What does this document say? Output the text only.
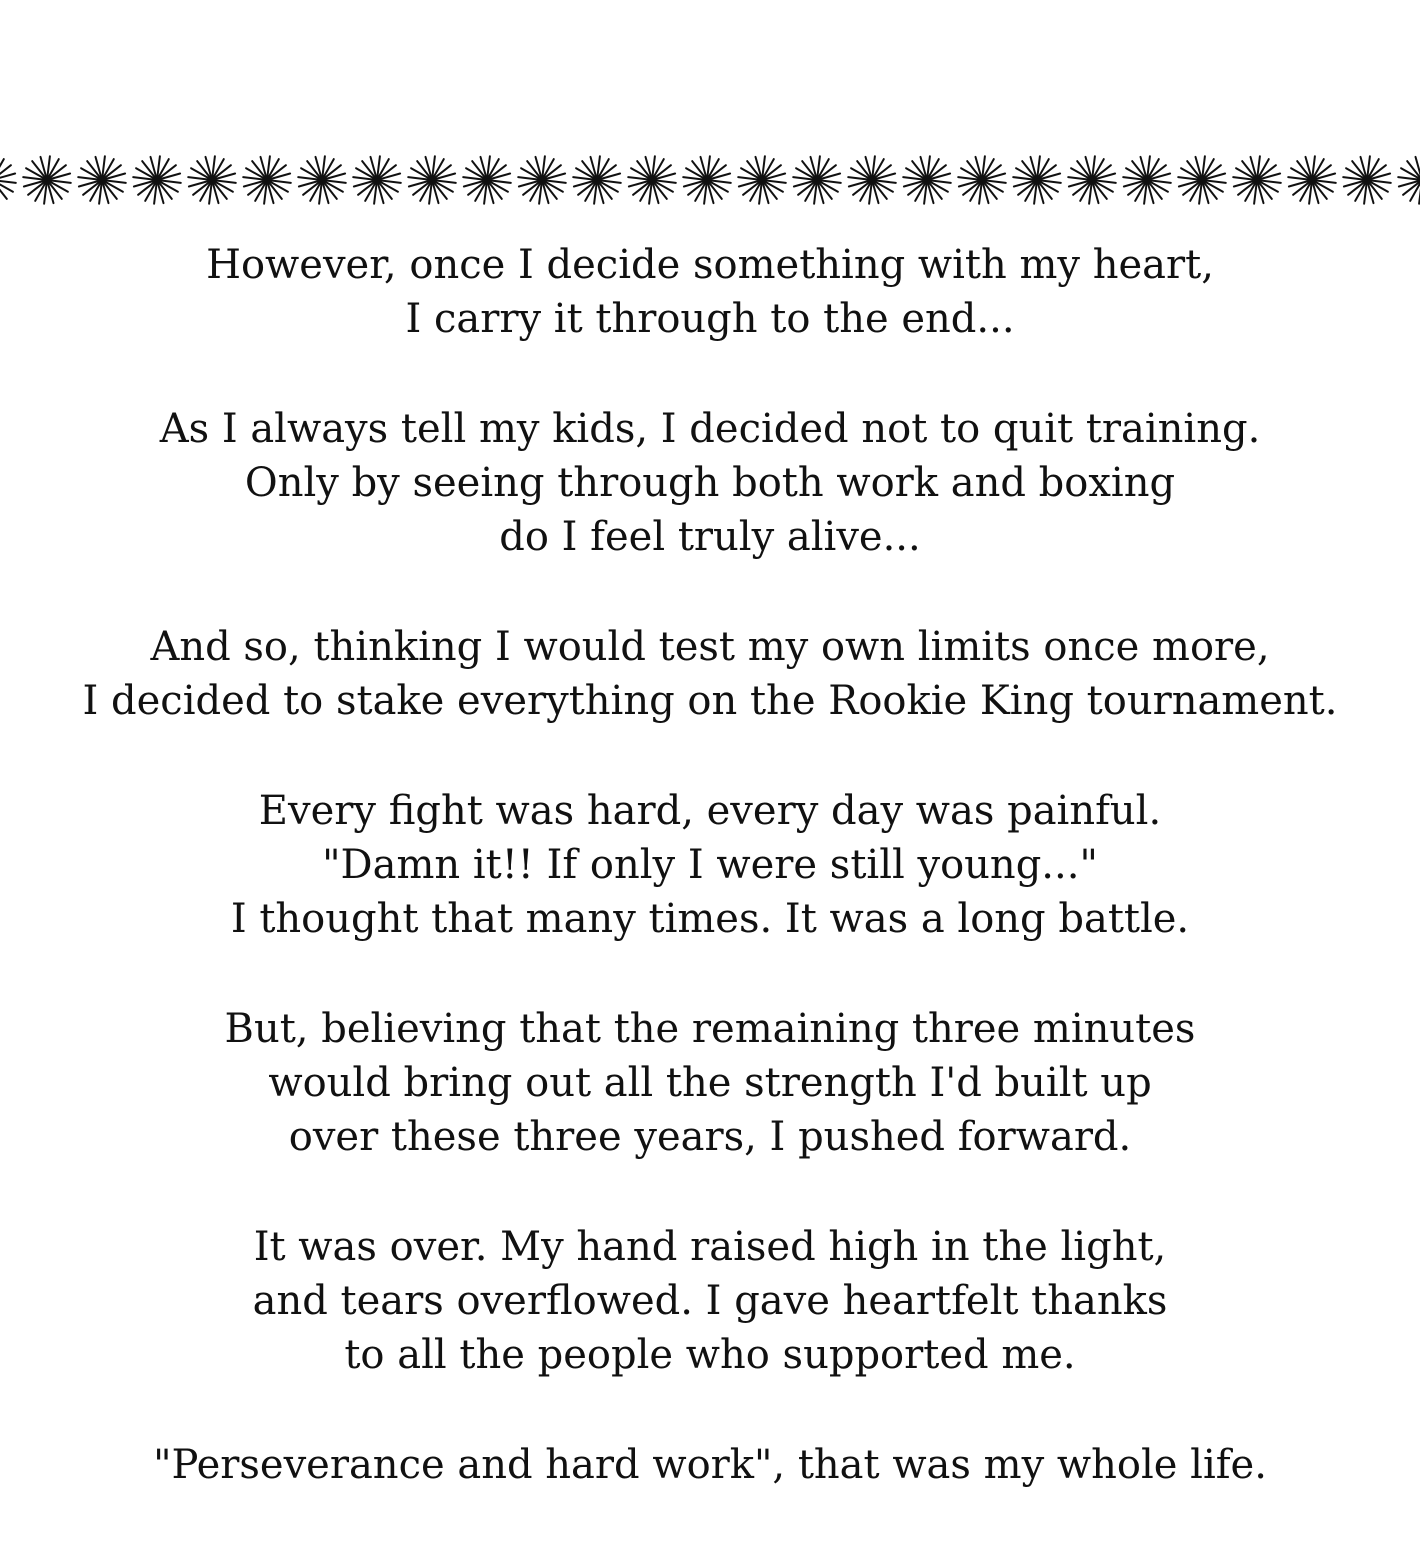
However, once I decide something with my heart,
I carry it through to the end...
As I always tell my kids, I decided not to quit training.
Only by seeing through both work and boxing
do I feel truly alive...
And so, thinking I would test my own limits once more,
I decided to stake everything on the Rookie King tournament.
Every fight was hard, every day was painful.
"Damn it!! If only I were still young..."
I thought that many times. It was a long battle.
But, believing that the remaining three minutes
would bring out all the strength I'd built up
over these three years, I pushed forward.
It was over. My hand raised high in the light,
and tears overflowed. I gave heartfelt thanks
to all the people who supported me.
"Perseverance and hard work", that was my whole life.
